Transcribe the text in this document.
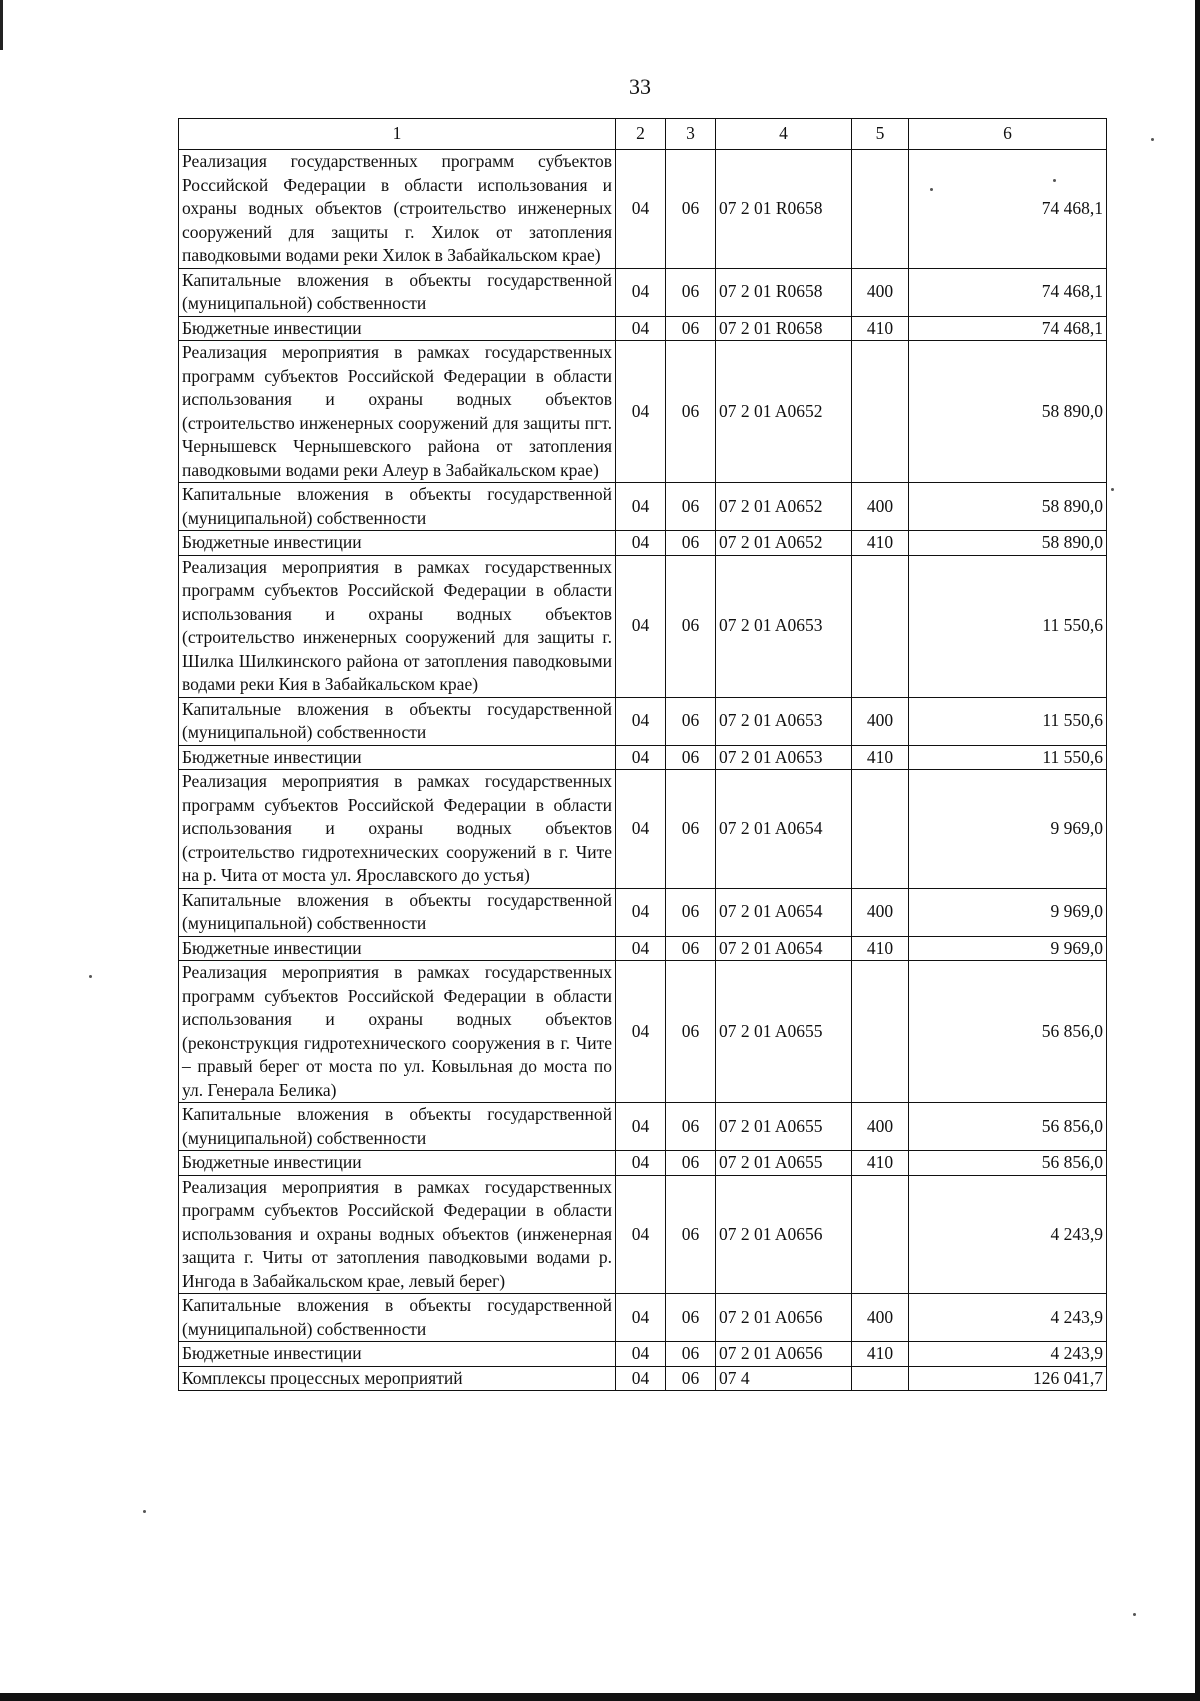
33
1	2	3	4	5	6
Реализация государственных программ субъектов Российской Федерации в области использования и охраны водных объектов (строительство инженерных сооружений для защиты г. Хилок от затопления паводковыми водами реки Хилок в Забайкальском крае)	04	06	07 2 01 R0658		74 468,1
Капитальные вложения в объекты государственной (муниципальной) собственности	04	06	07 2 01 R0658	400	74 468,1
Бюджетные инвестиции	04	06	07 2 01 R0658	410	74 468,1
Реализация мероприятия в рамках государственных программ субъектов Российской Федерации в области использования и охраны водных объектов (строительство инженерных сооружений для защиты пгт. Чернышевск Чернышевского района от затопления паводковыми водами реки Алеур в Забайкальском крае)	04	06	07 2 01 A0652		58 890,0
Капитальные вложения в объекты государственной (муниципальной) собственности	04	06	07 2 01 A0652	400	58 890,0
Бюджетные инвестиции	04	06	07 2 01 A0652	410	58 890,0
Реализация мероприятия в рамках государственных программ субъектов Российской Федерации в области использования и охраны водных объектов (строительство инженерных сооружений для защиты г. Шилка Шилкинского района от затопления паводковыми водами реки Кия в Забайкальском крае)	04	06	07 2 01 A0653		11 550,6
Капитальные вложения в объекты государственной (муниципальной) собственности	04	06	07 2 01 A0653	400	11 550,6
Бюджетные инвестиции	04	06	07 2 01 A0653	410	11 550,6
Реализация мероприятия в рамках государственных программ субъектов Российской Федерации в области использования и охраны водных объектов (строительство гидротехнических сооружений в г. Чите на р. Чита от моста ул. Ярославского до устья)	04	06	07 2 01 A0654		9 969,0
Капитальные вложения в объекты государственной (муниципальной) собственности	04	06	07 2 01 A0654	400	9 969,0
Бюджетные инвестиции	04	06	07 2 01 A0654	410	9 969,0
Реализация мероприятия в рамках государственных программ субъектов Российской Федерации в области использования и охраны водных объектов (реконструкция гидротехнического сооружения в г. Чите – правый берег от моста по ул. Ковыльная до моста по ул. Генерала Белика)	04	06	07 2 01 A0655		56 856,0
Капитальные вложения в объекты государственной (муниципальной) собственности	04	06	07 2 01 A0655	400	56 856,0
Бюджетные инвестиции	04	06	07 2 01 A0655	410	56 856,0
Реализация мероприятия в рамках государственных программ субъектов Российской Федерации в области использования и охраны водных объектов (инженерная защита г. Читы от затопления паводковыми водами р. Ингода в Забайкальском крае, левый берег)	04	06	07 2 01 A0656		4 243,9
Капитальные вложения в объекты государственной (муниципальной) собственности	04	06	07 2 01 A0656	400	4 243,9
Бюджетные инвестиции	04	06	07 2 01 A0656	410	4 243,9
Комплексы процессных мероприятий	04	06	07 4		126 041,7
